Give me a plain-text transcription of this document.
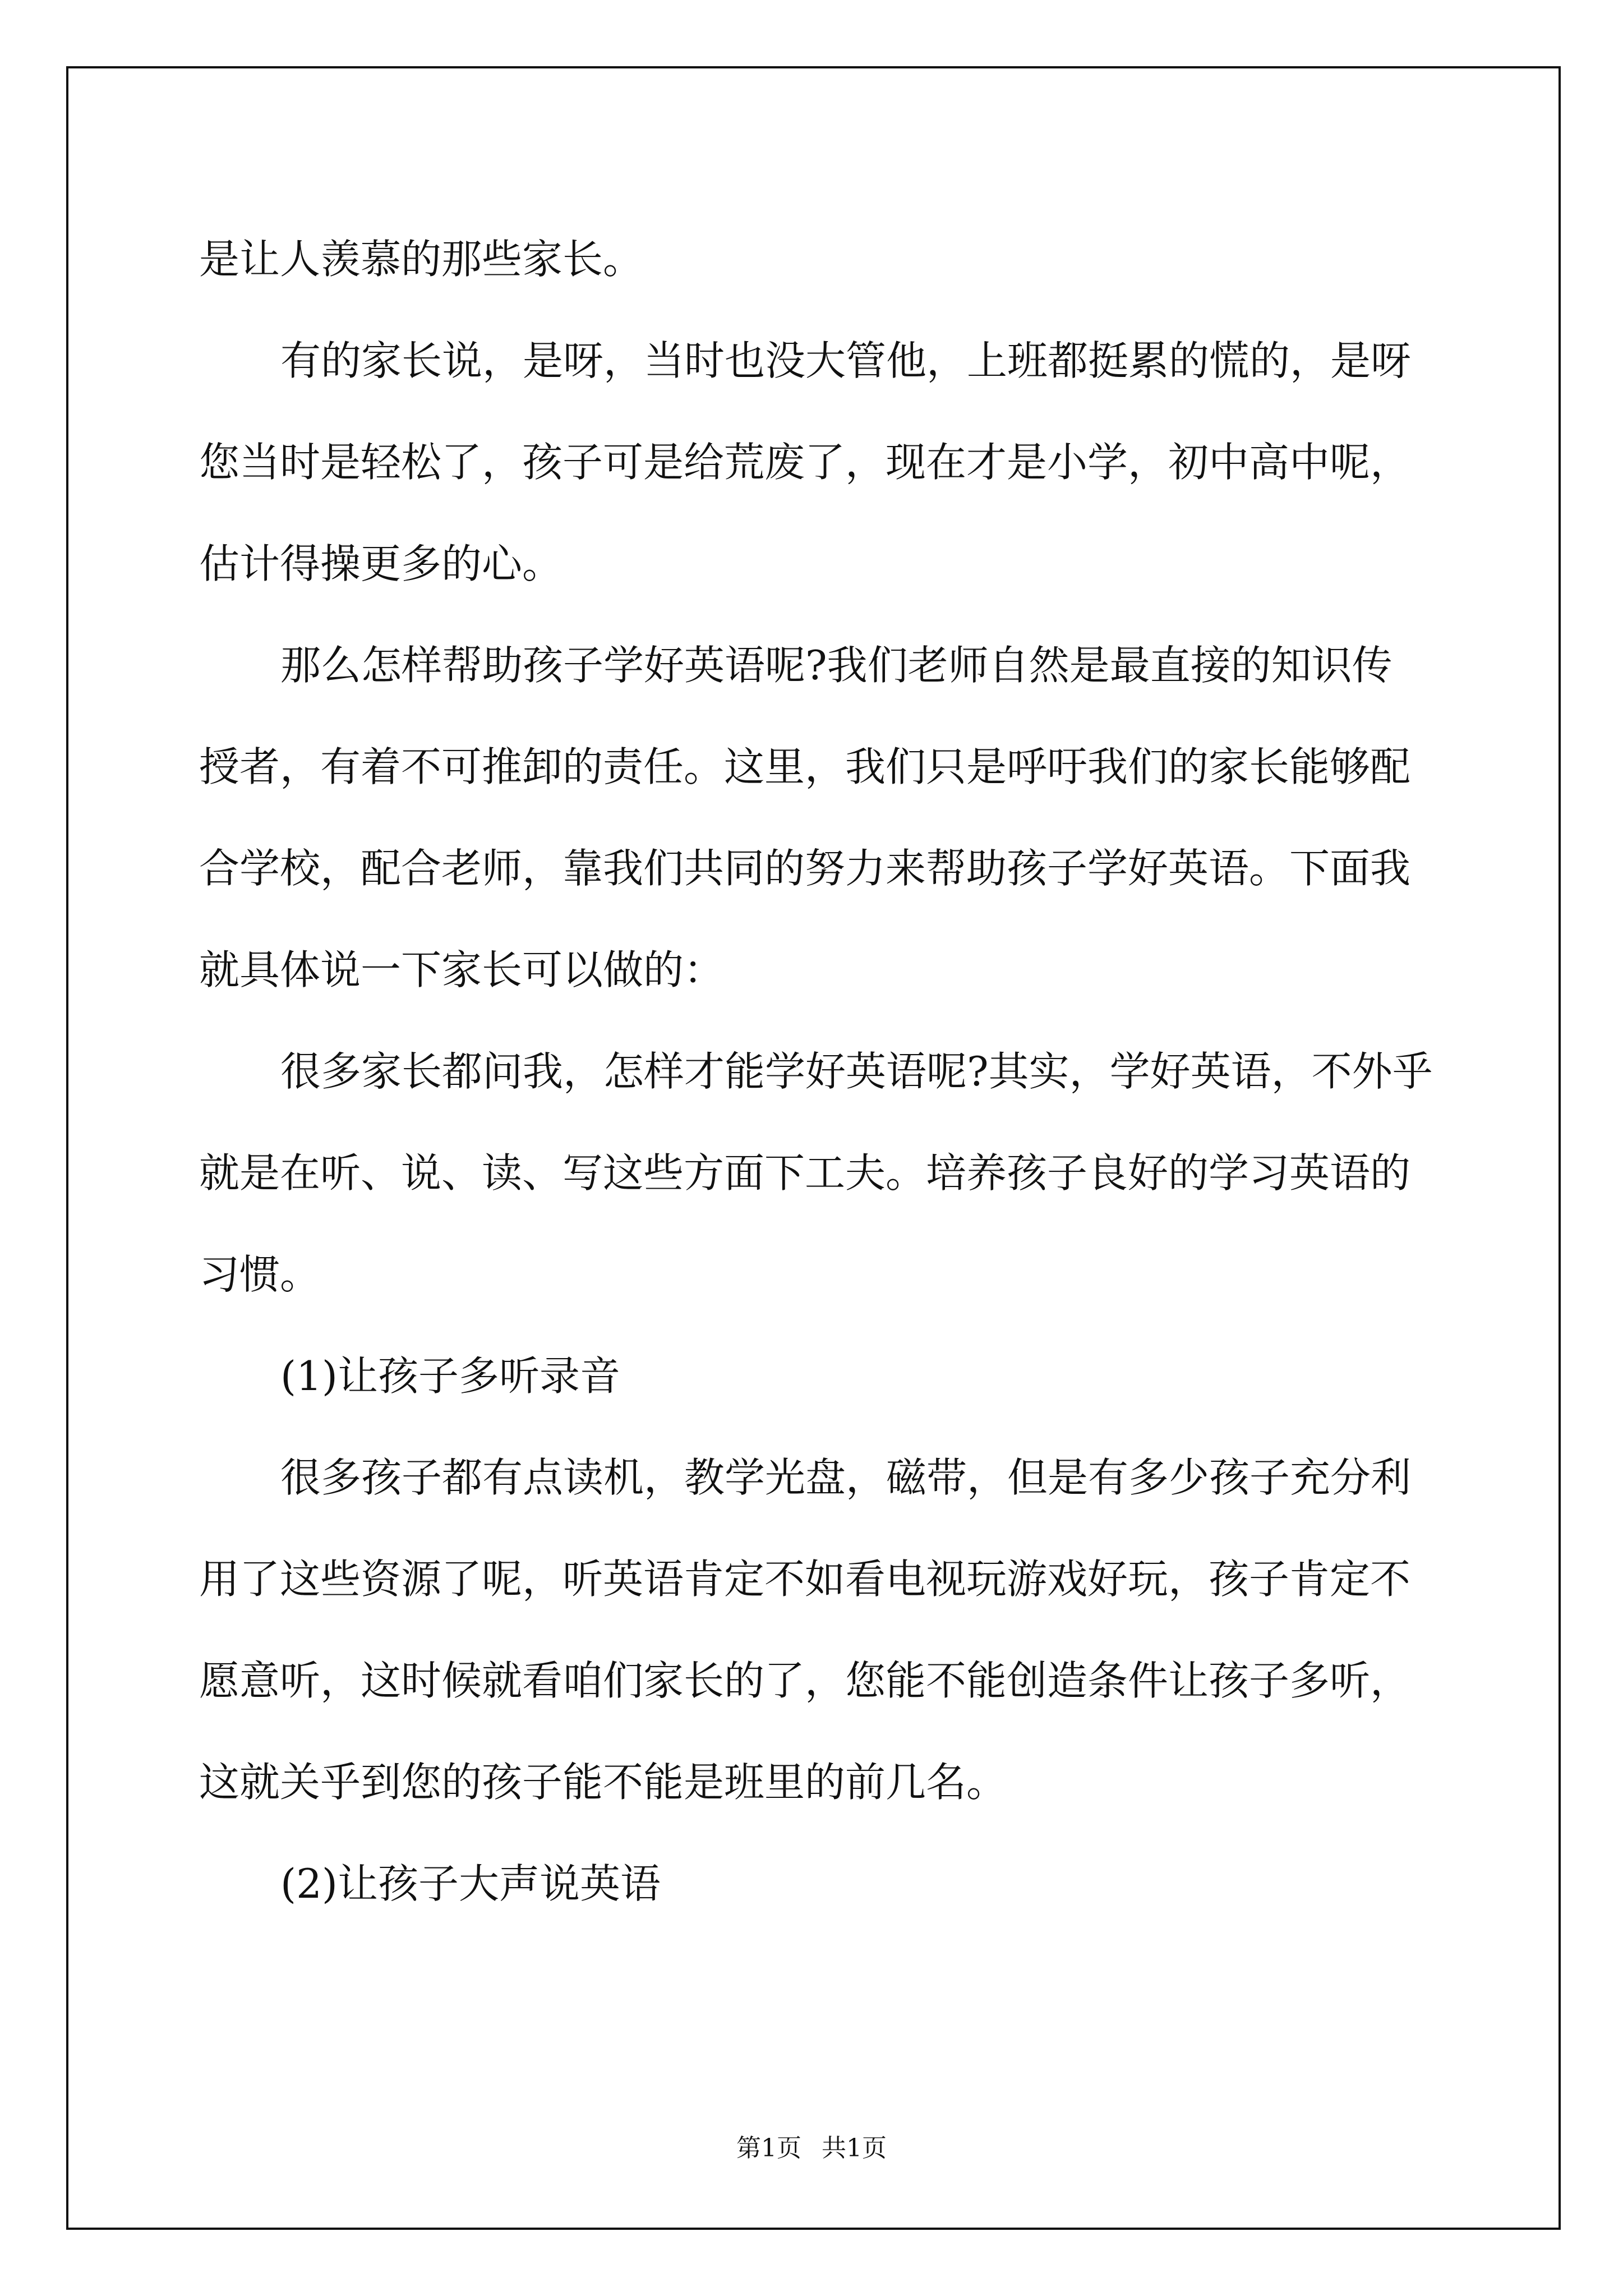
是让人羡慕的那些家长。
有的家长说，是呀，当时也没大管他，上班都挺累的慌的，是呀
您当时是轻松了，孩子可是给荒废了，现在才是小学，初中高中呢，
估计得操更多的心。
那么怎样帮助孩子学好英语呢?我们老师自然是最直接的知识传
授者，有着不可推卸的责任。这里，我们只是呼吁我们的家长能够配
合学校，配合老师，靠我们共同的努力来帮助孩子学好英语。下面我
就具体说一下家长可以做的：
很多家长都问我，怎样才能学好英语呢?其实，学好英语，不外乎
就是在听、说、读、写这些方面下工夫。培养孩子良好的学习英语的
习惯。
(1)让孩子多听录音
很多孩子都有点读机，教学光盘，磁带，但是有多少孩子充分利
用了这些资源了呢，听英语肯定不如看电视玩游戏好玩，孩子肯定不
愿意听，这时候就看咱们家长的了，您能不能创造条件让孩子多听，
这就关乎到您的孩子能不能是班里的前几名。
(2)让孩子大声说英语
第1页 共1页
